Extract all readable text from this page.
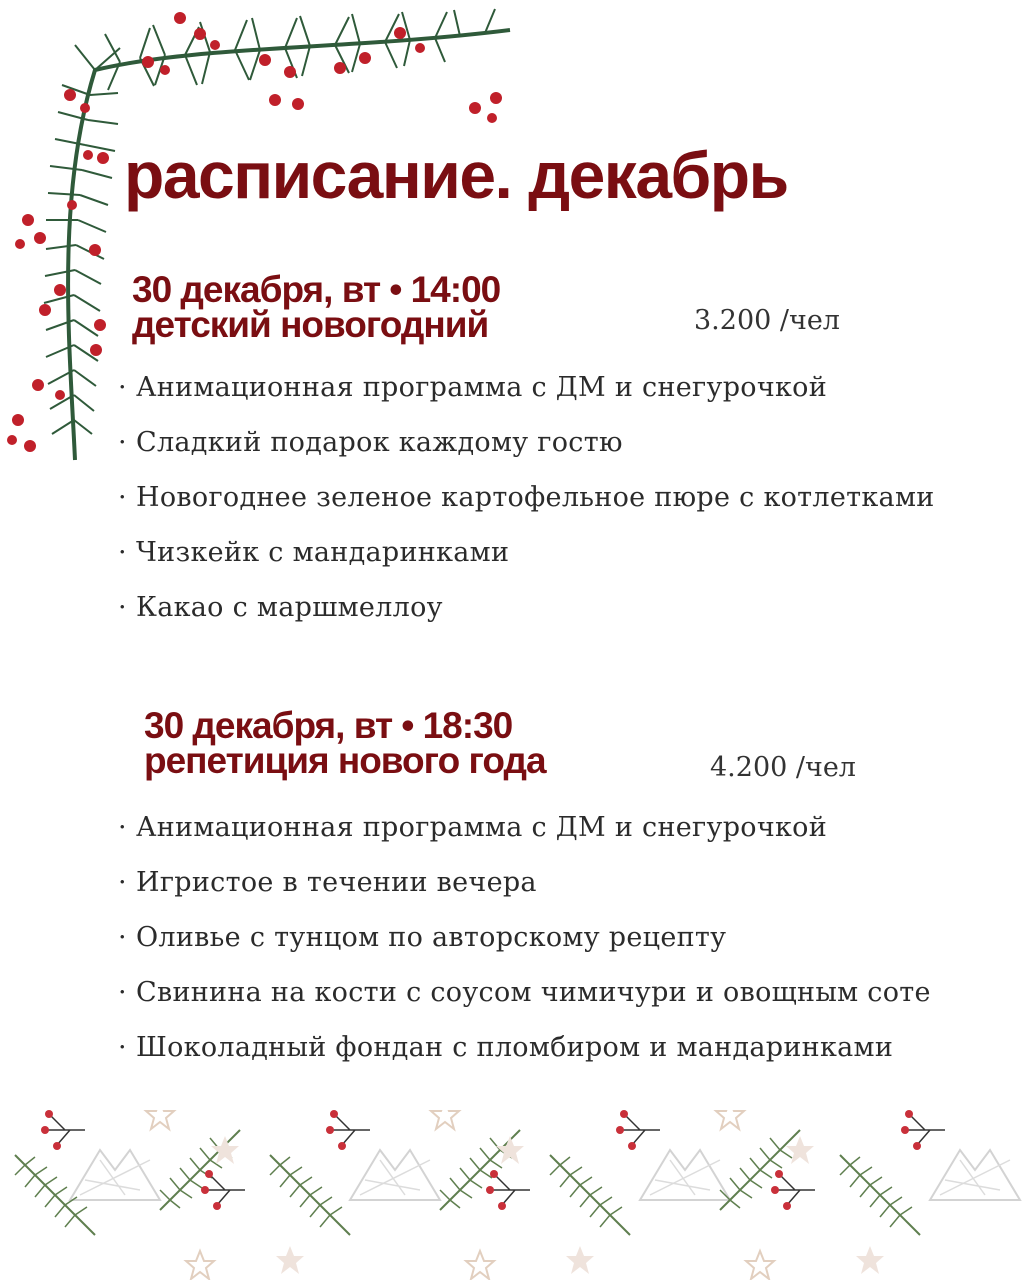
расписание. декабрь
30 декабря, вт • 14:00
детский новогодний	3.200 /чел
· Анимационная программа с ДМ и снегурочкой
· Сладкий подарок каждому гостю
· Новогоднее зеленое картофельное пюре с котлетками
· Чизкейк с мандаринками
· Какао с маршмеллоу
30 декабря, вт • 18:30
репетиция нового года	4.200 /чел
· Анимационная программа с ДМ и снегурочкой
· Игристое в течении вечера
· Оливье с тунцом по авторскому рецепту
· Свинина на кости с соусом чимичури и овощным соте
· Шоколадный фондан с пломбиром и мандаринками
